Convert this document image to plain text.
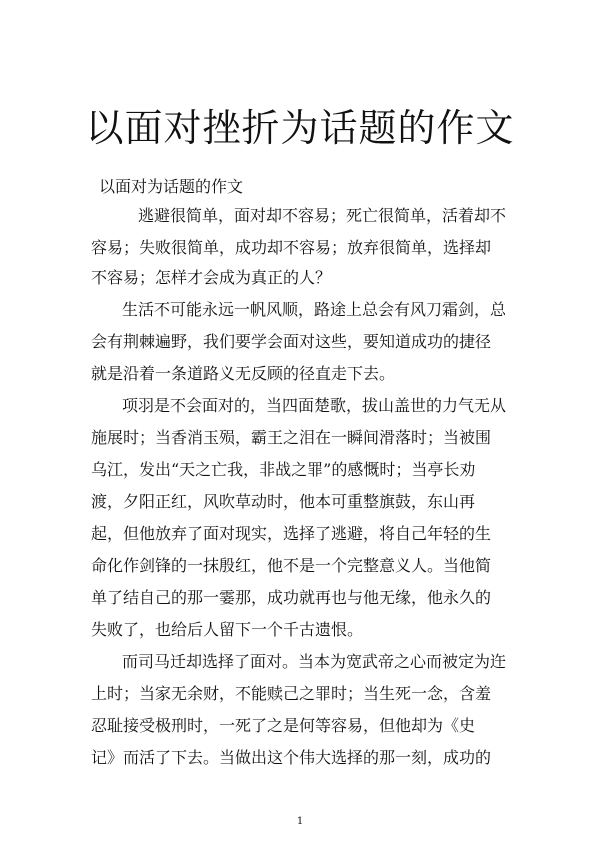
以面对挫折为话题的作文
以面对为话题的作文
逃避很简单，面对却不容易；死亡很简单，活着却不
容易；失败很简单，成功却不容易；放弃很简单，选择却
不容易；怎样才会成为真正的人？
生活不可能永远一帆风顺，路途上总会有风刀霜剑，总
会有荆棘遍野，我们要学会面对这些，要知道成功的捷径
就是沿着一条道路义无反顾的径直走下去。
项羽是不会面对的，当四面楚歌，拔山盖世的力气无从
施展时；当香消玉殒，霸王之泪在一瞬间滑落时；当被围
乌江，发出“天之亡我，非战之罪”的感慨时；当亭长劝
渡，夕阳正红，风吹草动时，他本可重整旗鼓，东山再
起，但他放弃了面对现实，选择了逃避，将自己年轻的生
命化作剑锋的一抹殷红，他不是一个完整意义人。当他简
单了结自己的那一霎那，成功就再也与他无缘，他永久的
失败了，也给后人留下一个千古遗恨。
而司马迁却选择了面对。当本为宽武帝之心而被定为迕
上时；当家无余财，不能赎己之罪时；当生死一念，含羞
忍耻接受极刑时，一死了之是何等容易，但他却为《史
记》而活了下去。当做出这个伟大选择的那一刻，成功的
1
